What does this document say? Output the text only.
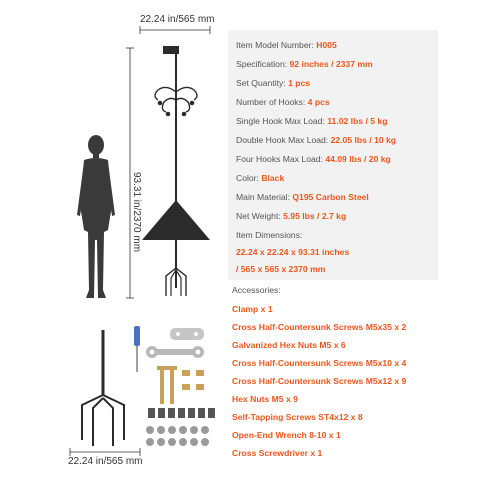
22.24 in/565 mm
93.31 in/2370 mm
22.24 in/565 mm
Item Model Number: H005
Specification: 92 inches / 2337 mm
Set Quantity: 1 pcs
Number of Hooks: 4 pcs
Single Hook Max Load: 11.02 lbs / 5 kg
Double Hook Max Load: 22.05 lbs / 10 kg
Four Hooks Max Load: 44.09 lbs / 20 kg
Color: Black
Main Material: Q195 Carbon Steel
Net Weight: 5.95 lbs / 2.7 kg
Item Dimensions:
22.24 x 22.24 x 93.31 inches
/ 565 x 565 x 2370 mm
Accessories:
Clamp x 1
Cross Half-Countersunk Screws M5x35 x 2
Galvanized Hex Nuts M5 x 6
Cross Half-Countersunk Screws M5x10 x 4
Cross Half-Countersunk Screws M5x12 x 9
Hex Nuts M5 x 9
Self-Tapping Screws ST4x12 x 8
Open-End Wrench 8-10 x 1
Cross Screwdriver x 1
